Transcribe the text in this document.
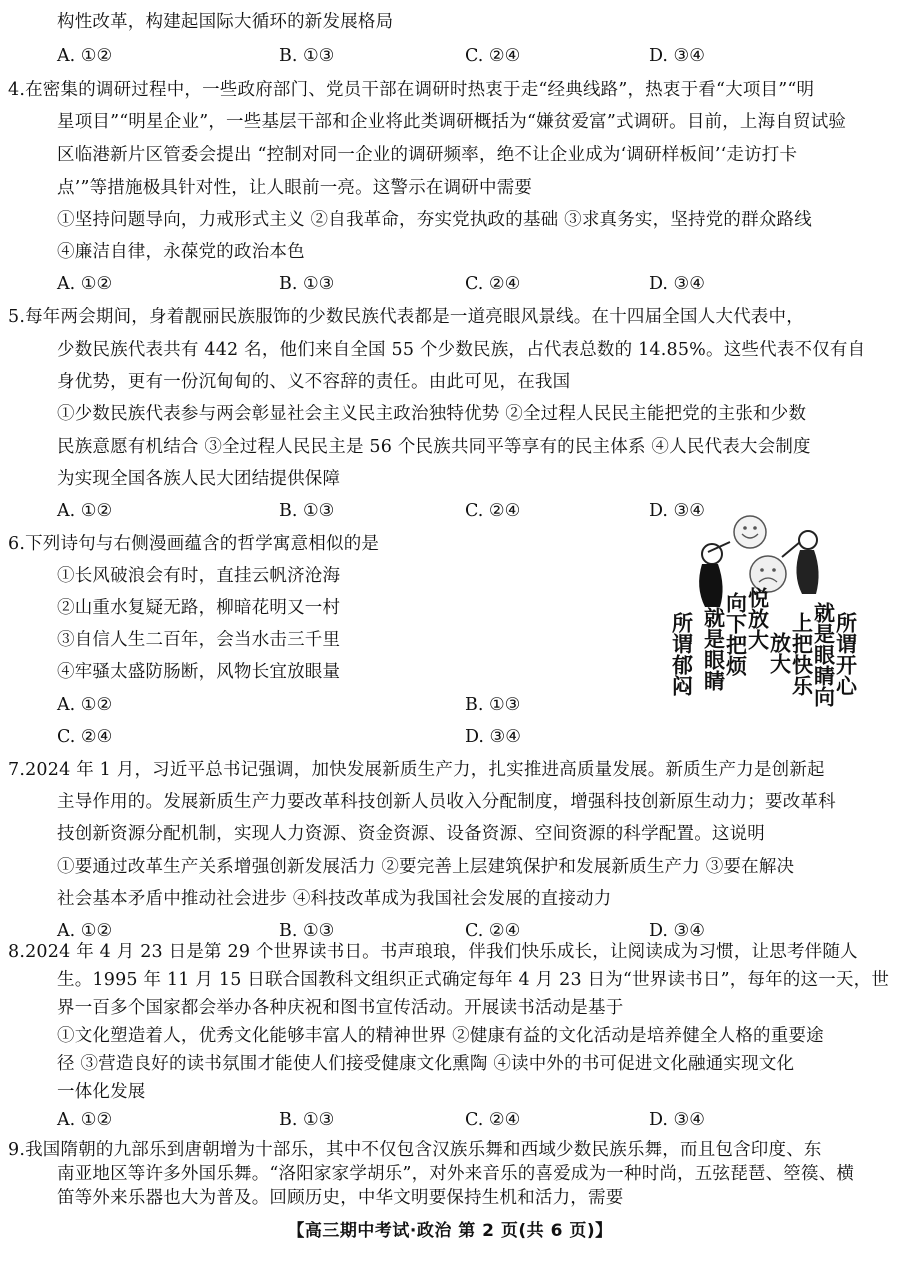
构性改革，构建起国际大循环的新发展格局
A. ①②	B. ①③	C. ②④	D. ③④
4.在密集的调研过程中，一些政府部门、党员干部在调研时热衷于走“经典线路”，热衷于看“大项目”“明
星项目”“明星企业”，一些基层干部和企业将此类调研概括为“嫌贫爱富”式调研。目前，上海自贸试验
区临港新片区管委会提出 “控制对同一企业的调研频率，绝不让企业成为‘调研样板间’‘走访打卡
点’”等措施极具针对性，让人眼前一亮。这警示在调研中需要
①坚持问题导向，力戒形式主义 ②自我革命，夯实党执政的基础 ③求真务实，坚持党的群众路线
④廉洁自律，永葆党的政治本色
A. ①②	B. ①③	C. ②④	D. ③④
5.每年两会期间，身着靓丽民族服饰的少数民族代表都是一道亮眼风景线。在十四届全国人大代表中，
少数民族代表共有 442 名，他们来自全国 55 个少数民族，占代表总数的 14.85%。这些代表不仅有自
身优势，更有一份沉甸甸的、义不容辞的责任。由此可见，在我国
①少数民族代表参与两会彰显社会主义民主政治独特优势 ②全过程人民民主能把党的主张和少数
民族意愿有机结合 ③全过程人民民主是 56 个民族共同平等享有的民主体系 ④人民代表大会制度
为实现全国各族人民大团结提供保障
A. ①②	B. ①③	C. ②④	D. ③④
6.下列诗句与右侧漫画蕴含的哲学寓意相似的是
①长风破浪会有时，直挂云帆济沧海
②山重水复疑无路，柳暗花明又一村
③自信人生二百年，会当水击三千里
④牢骚太盛防肠断，风物长宜放眼量
A. ①②	B. ①③
C. ②④	D. ③④
所谓开心
就是眼睛向
上把快乐
放大
悦放大
向下把烦
就是眼睛
所谓郁闷
7.2024 年 1 月，习近平总书记强调，加快发展新质生产力，扎实推进高质量发展。新质生产力是创新起
主导作用的。发展新质生产力要改革科技创新人员收入分配制度，增强科技创新原生动力；要改革科
技创新资源分配机制，实现人力资源、资金资源、设备资源、空间资源的科学配置。这说明
①要通过改革生产关系增强创新发展活力 ②要完善上层建筑保护和发展新质生产力 ③要在解决
社会基本矛盾中推动社会进步 ④科技改革成为我国社会发展的直接动力
A. ①②	B. ①③	C. ②④	D. ③④
8.2024 年 4 月 23 日是第 29 个世界读书日。书声琅琅，伴我们快乐成长，让阅读成为习惯，让思考伴随人
生。1995 年 11 月 15 日联合国教科文组织正式确定每年 4 月 23 日为“世界读书日”，每年的这一天，世
界一百多个国家都会举办各种庆祝和图书宣传活动。开展读书活动是基于
①文化塑造着人，优秀文化能够丰富人的精神世界 ②健康有益的文化活动是培养健全人格的重要途
径 ③营造良好的读书氛围才能使人们接受健康文化熏陶 ④读中外的书可促进文化融通实现文化
一体化发展
A. ①②	B. ①③	C. ②④	D. ③④
9.我国隋朝的九部乐到唐朝增为十部乐，其中不仅包含汉族乐舞和西域少数民族乐舞，而且包含印度、东
南亚地区等许多外国乐舞。“洛阳家家学胡乐”，对外来音乐的喜爱成为一种时尚，五弦琵琶、箜篌、横
笛等外来乐器也大为普及。回顾历史，中华文明要保持生机和活力，需要
【高三期中考试·政治 第 2 页(共 6 页)】
